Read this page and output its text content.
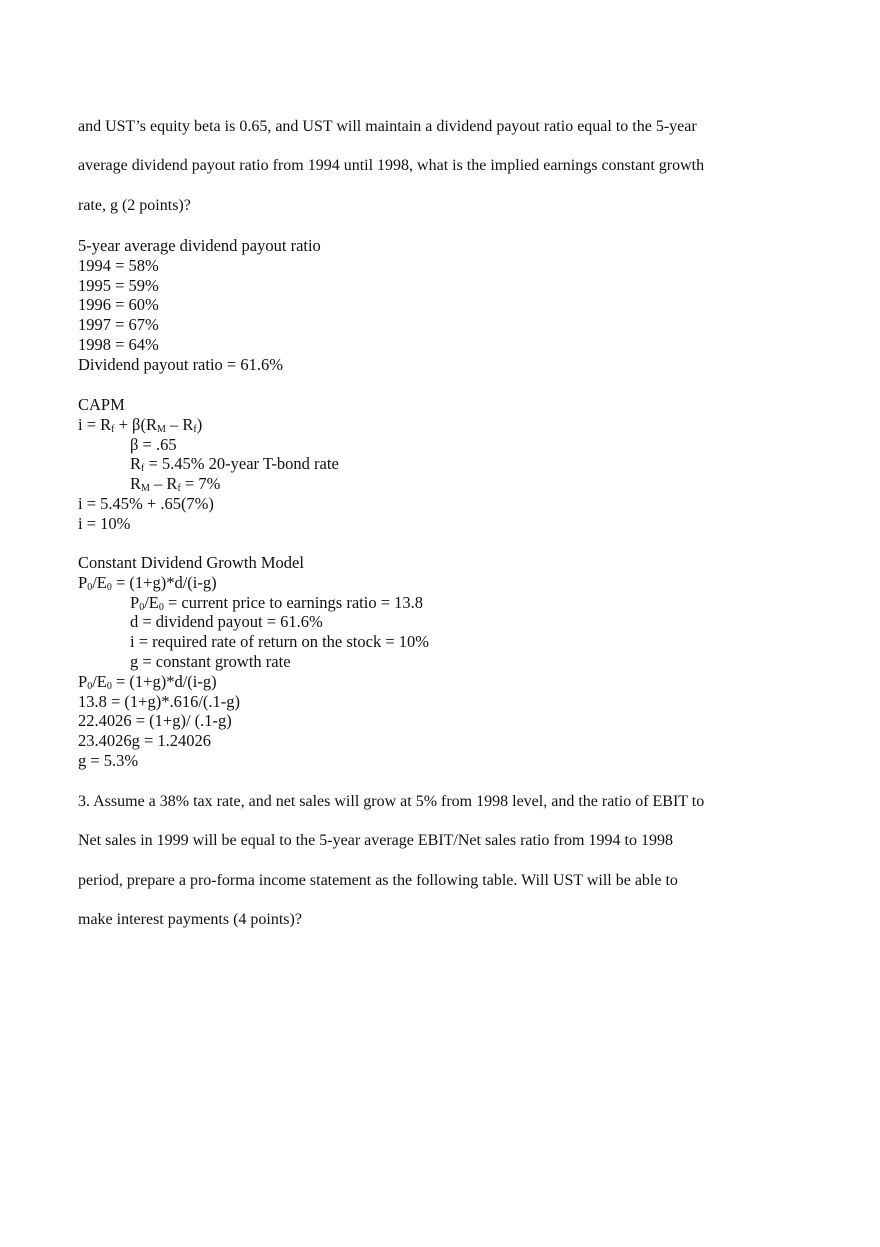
and UST’s equity beta is 0.65, and UST will maintain a dividend payout ratio equal to the 5-year
average dividend payout ratio from 1994 until 1998, what is the implied earnings constant growth
rate, g (2 points)?
5-year average dividend payout ratio
1994 = 58%
1995 = 59%
1996 = 60%
1997 = 67%
1998 = 64%
Dividend payout ratio = 61.6%
CAPM
$i = R_f + \beta(R_M - R_f)$
β = .65
$R_f = 5.45\%$ 20-year T-bond rate
$R_M - R_f = 7\%$
i = 5.45% + .65(7%)
i = 10%
Constant Dividend Growth Model
$P_0/E_0 = (1+g)*d/(i-g)$
$P_0/E_0$ = current price to earnings ratio = 13.8
d = dividend payout = 61.6%
i = required rate of return on the stock = 10%
g = constant growth rate
$P_0/E_0 = (1+g)*d/(i-g)$
13.8 = (1+g)*.616/(.1-g)
22.4026 = (1+g)/ (.1-g)
23.4026g = 1.24026
g = 5.3%
3. Assume a 38% tax rate, and net sales will grow at 5% from 1998 level, and the ratio of EBIT to
Net sales in 1999 will be equal to the 5-year average EBIT/Net sales ratio from 1994 to 1998
period, prepare a pro-forma income statement as the following table. Will UST will be able to
make interest payments (4 points)?
